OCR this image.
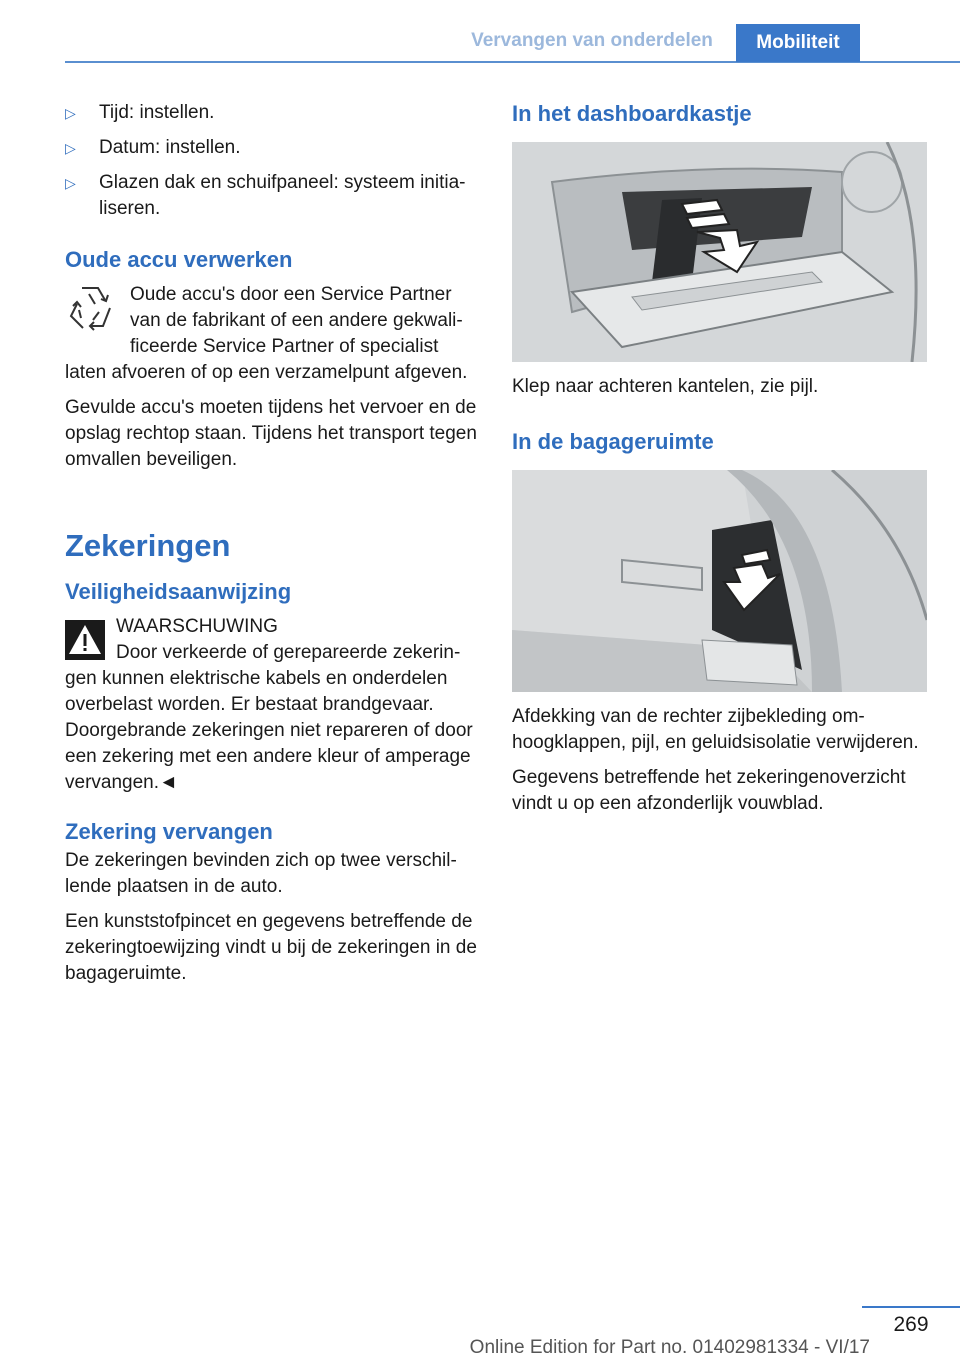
Vervangen van onderdelen	Mobiliteit
▷ Tijd: instellen.
▷ Datum: instellen.
▷ Glazen dak en schuifpaneel: systeem initialiseren.
Oude accu verwerken

Oude accu's door een Service Partner van de fabrikant of een andere gekwalificeerde Service Partner of specialist laten afvoeren of op een verzamelpunt afgeven.

Gevulde accu's moeten tijdens het vervoer en de opslag rechtop staan. Tijdens het transport tegen omvallen beveiligen.

Zekeringen
Veiligheidsaanwijzing
WAARSCHUWING

Door verkeerde of gerepareerde zekeringen kunnen elektrische kabels en onderdelen overbelast worden. Er bestaat brandgevaar. Doorgebrande zekeringen niet repareren of door een zekering met een andere kleur of amperage vervangen.◄

Zekering vervangen

De zekeringen bevinden zich op twee verschillende plaatsen in de auto.

Een kunststofpincet en gegevens betreffende de zekeringtoewijzing vindt u bij de zekeringen in de bagageruimte.

In het dashboardkastje

Klep naar achteren kantelen, zie pijl.

In de bagageruimte

Afdekking van de rechter zijbekleding omhoogklappen, pijl, en geluidsisolatie verwijderen.

Gegevens betreffende het zekeringenoverzicht vindt u op een afzonderlijk vouwblad.

269
Online Edition for Part no. 01402981334 - VI/17
